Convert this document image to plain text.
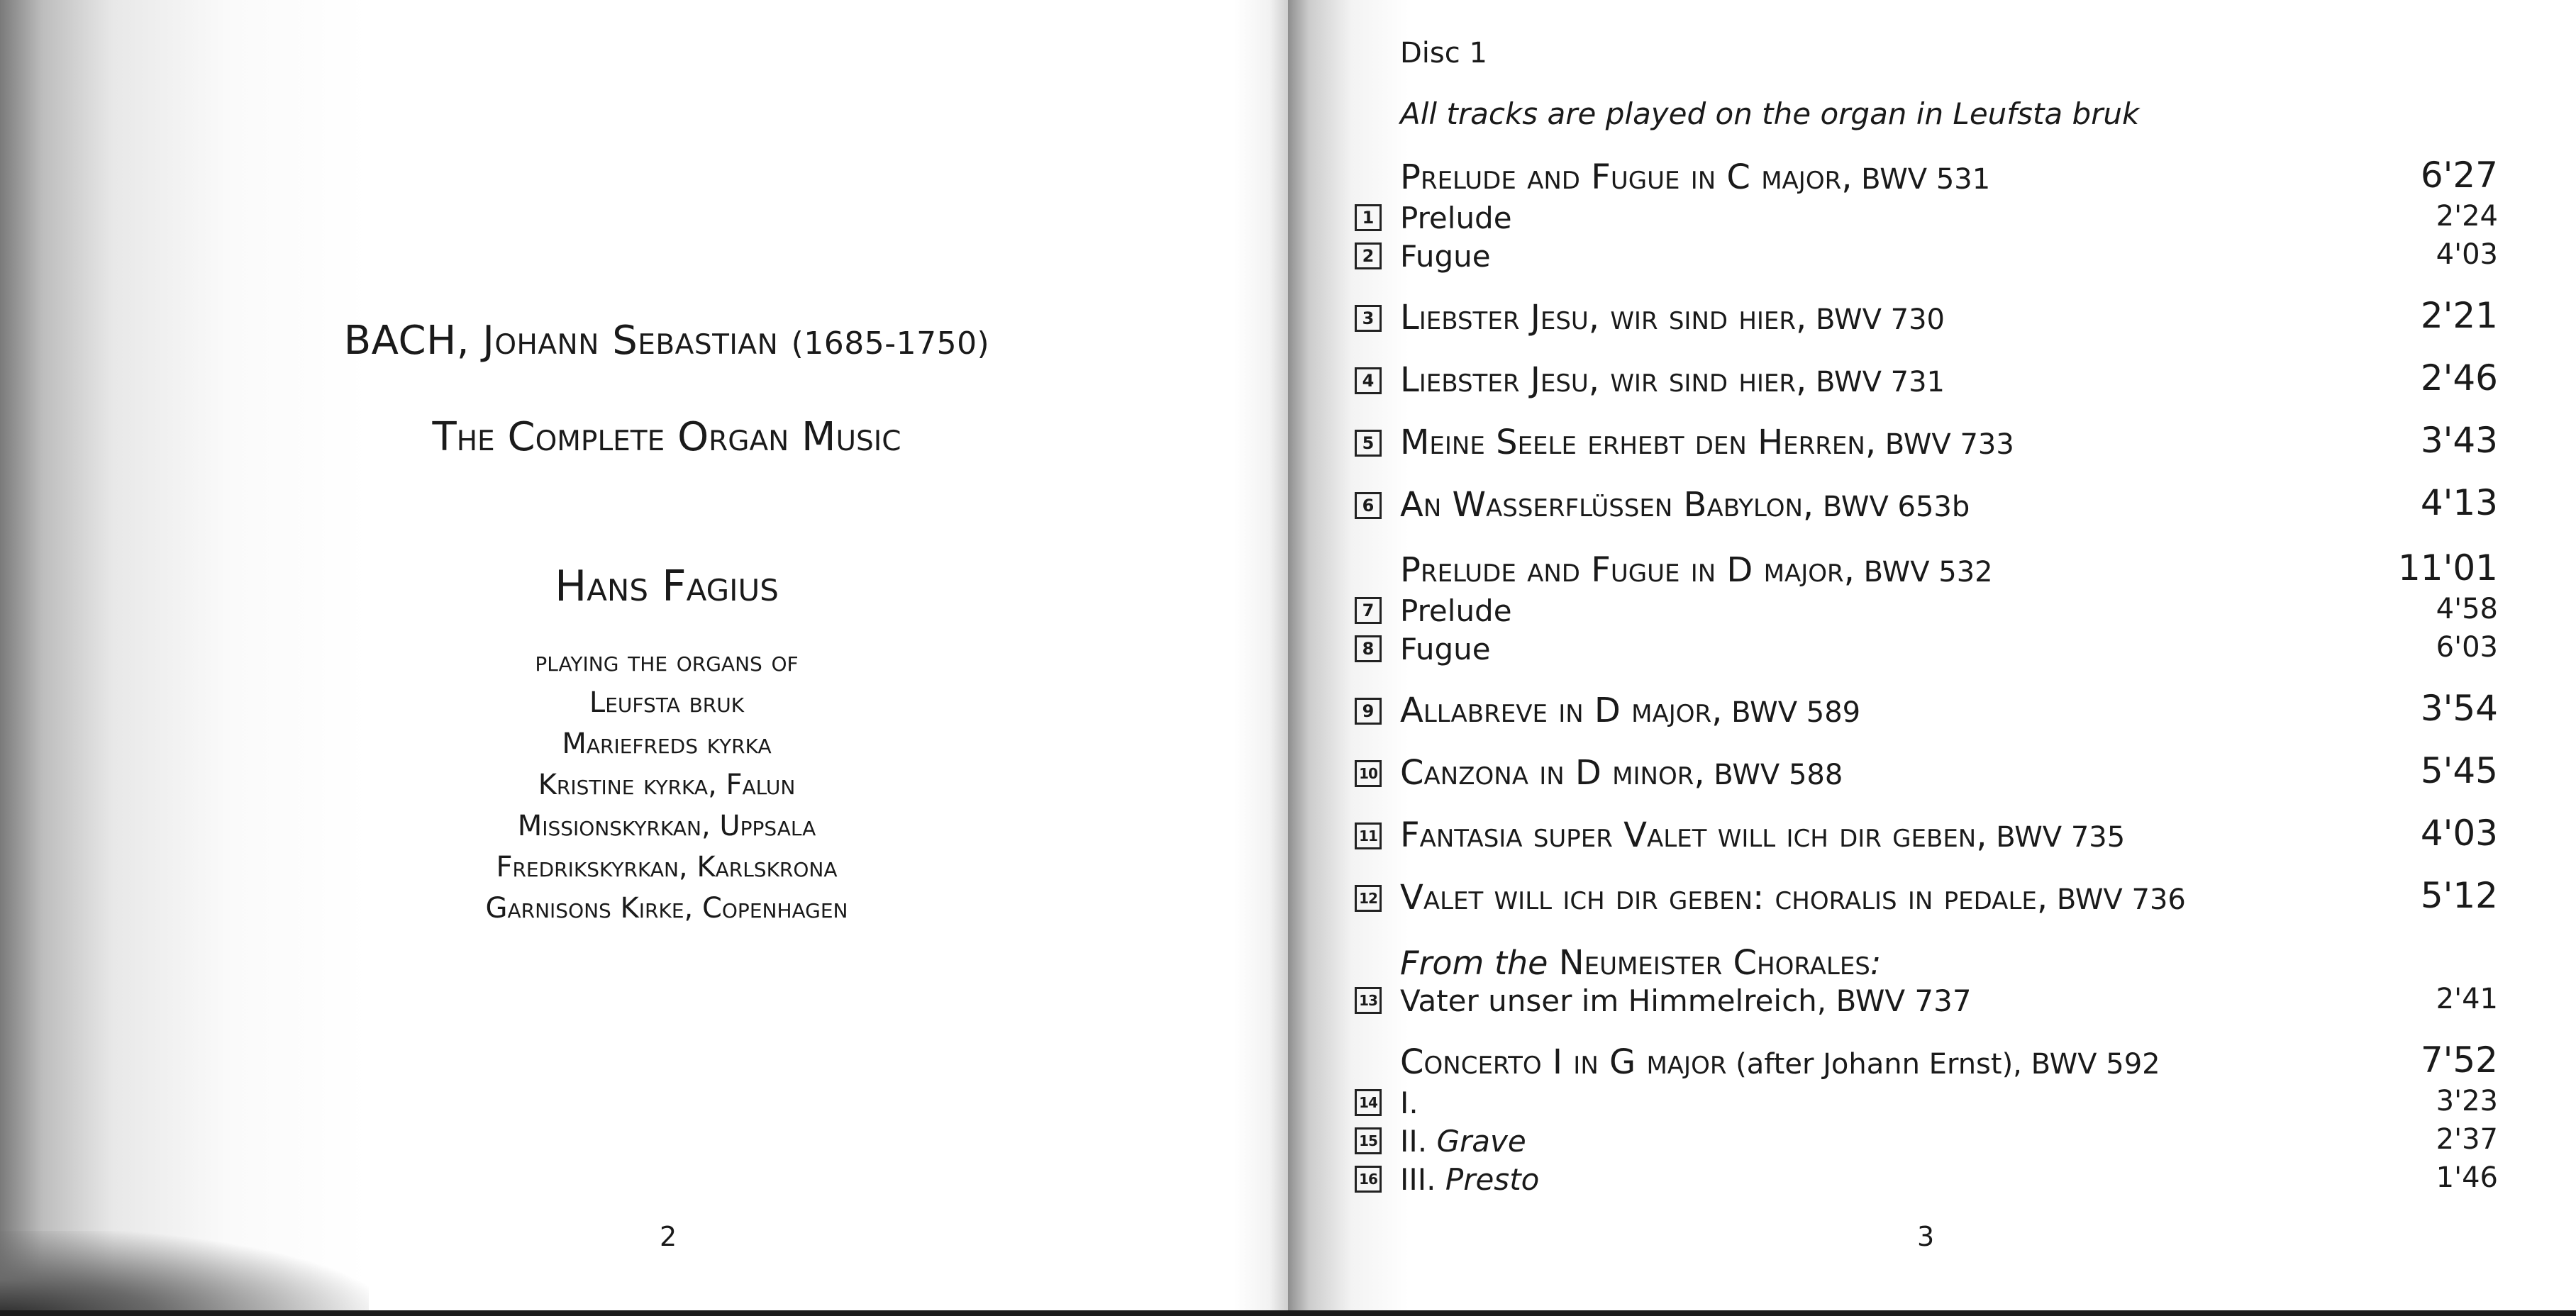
BACH, Johann Sebastian (1685-1750)
The Complete Organ Music
Hans Fagius
playing the organs of
Leufsta bruk
Mariefreds kyrka
Kristine kyrka, Falun
Missionskyrkan, Uppsala
Fredrikskyrkan, Karlskrona
Garnisons Kirke, Copenhagen
2
Disc 1
All tracks are played on the organ in Leufsta bruk
Prelude and Fugue in C major, BWV 531	6'27
1 Prelude	2'24
2 Fugue	4'03
3 Liebster Jesu, wir sind hier, BWV 730	2'21
4 Liebster Jesu, wir sind hier, BWV 731	2'46
5 Meine Seele erhebt den Herren, BWV 733	3'43
6 An Wasserflüssen Babylon, BWV 653b	4'13
Prelude and Fugue in D major, BWV 532	11'01
7 Prelude	4'58
8 Fugue	6'03
9 Allabreve in D major, BWV 589	3'54
10 Canzona in D minor, BWV 588	5'45
11 Fantasia super Valet will ich dir geben, BWV 735	4'03
12 Valet will ich dir geben: choralis in pedale, BWV 736	5'12
From the Neumeister Chorales:
13 Vater unser im Himmelreich, BWV 737	2'41
Concerto I in G major (after Johann Ernst), BWV 592	7'52
14 I.	3'23
15 II. Grave	2'37
16 III. Presto	1'46
3
